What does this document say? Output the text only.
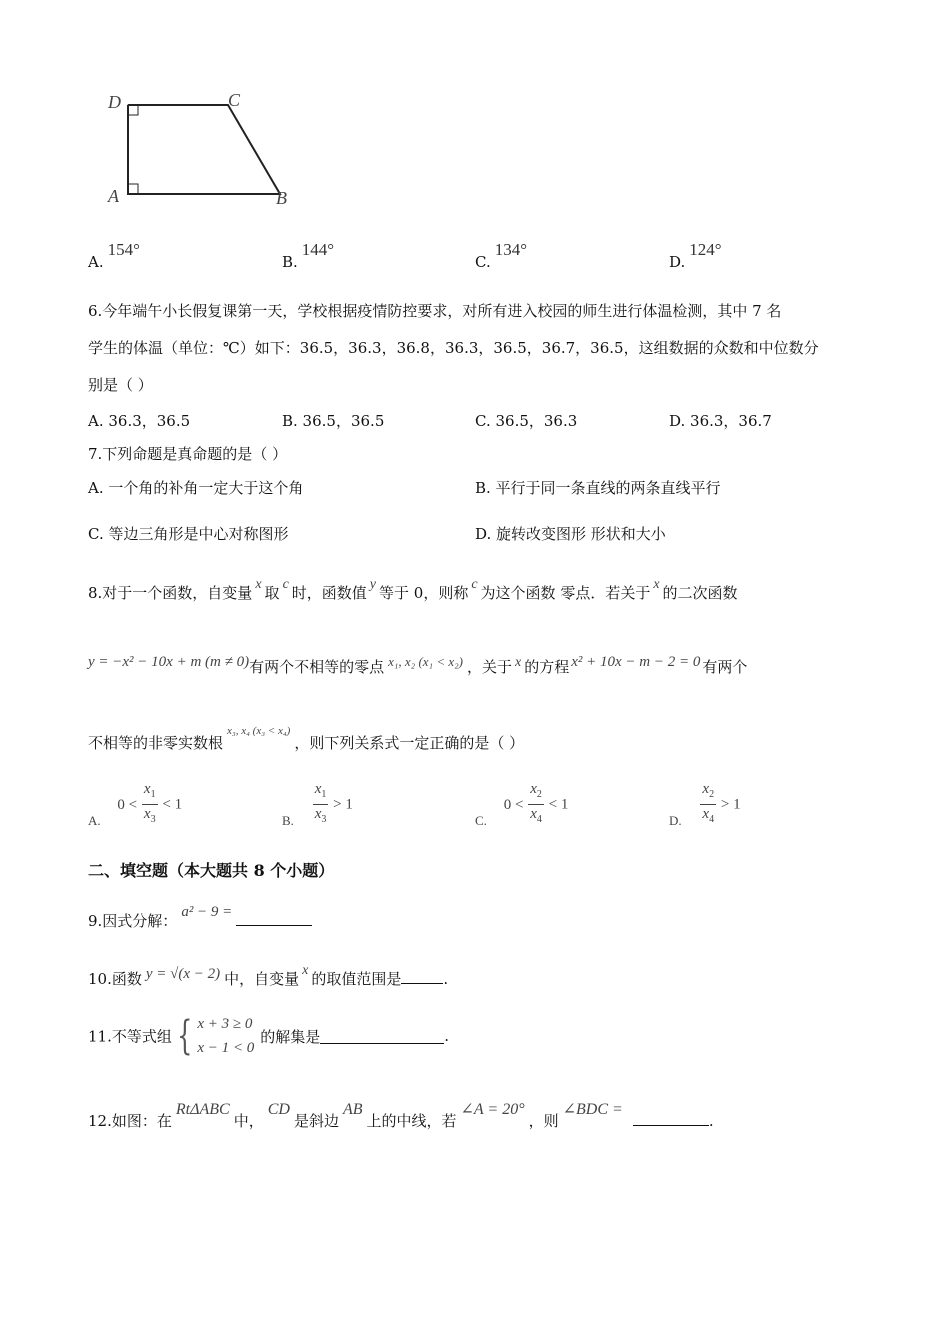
D	C
A	B
A.154°
B.144°
C.134°
D.124°
6.今年端午小长假复课第一天，学校根据疫情防控要求，对所有进入校园的师生进行体温检测，其中 7 名
学生的体温（单位：℃）如下：36.5，36.3，36.8，36.3，36.5，36.7，36.5，这组数据的众数和中位数分
别是（ ）
A. 36.3，36.5	B. 36.5，36.5	C. 36.5，36.3	D. 36.3，36.7
7.下列命题是真命题的是（ ）
A. 一个角的补角一定大于这个角	B. 平行于同一条直线的两条直线平行
C. 等边三角形是中心对称图形	D. 旋转改变图形 形状和大小
8.对于一个函数，自变量 x 取 c 时，函数值 y 等于 0，则称 c 为这个函数 零点．若关于 x 的二次函数
y = −x² − 10x + m (m ≠ 0)有两个不相等的零点 x₁, x₂ (x₁ < x₂) ，关于 x 的方程 x² + 10x − m − 2 = 0 有两个
不相等的非零实数根$^{x_3, x_4 (x_3 < x_4)}$，则下列关系式一定正确的是（ ）
A. $0 < \frac{x_1}{x_3} < 1$
B. $\frac{x_1}{x_3} > 1$
C. $0 < \frac{x_2}{x_4} < 1$
D. $\frac{x_2}{x_4} > 1$
二、填空题（本大题共 8 个小题）
9.因式分解： a² − 9 =
10.函数 y = √(x − 2) 中，自变量 x 的取值范围是	.
11.不等式组 { x + 3 ≥ 0
x − 1 < 0
的解集是	.
12.如图：在RtΔABC中，CD是斜边AB上的中线，若∠A = 20°，则∠BDC =.
